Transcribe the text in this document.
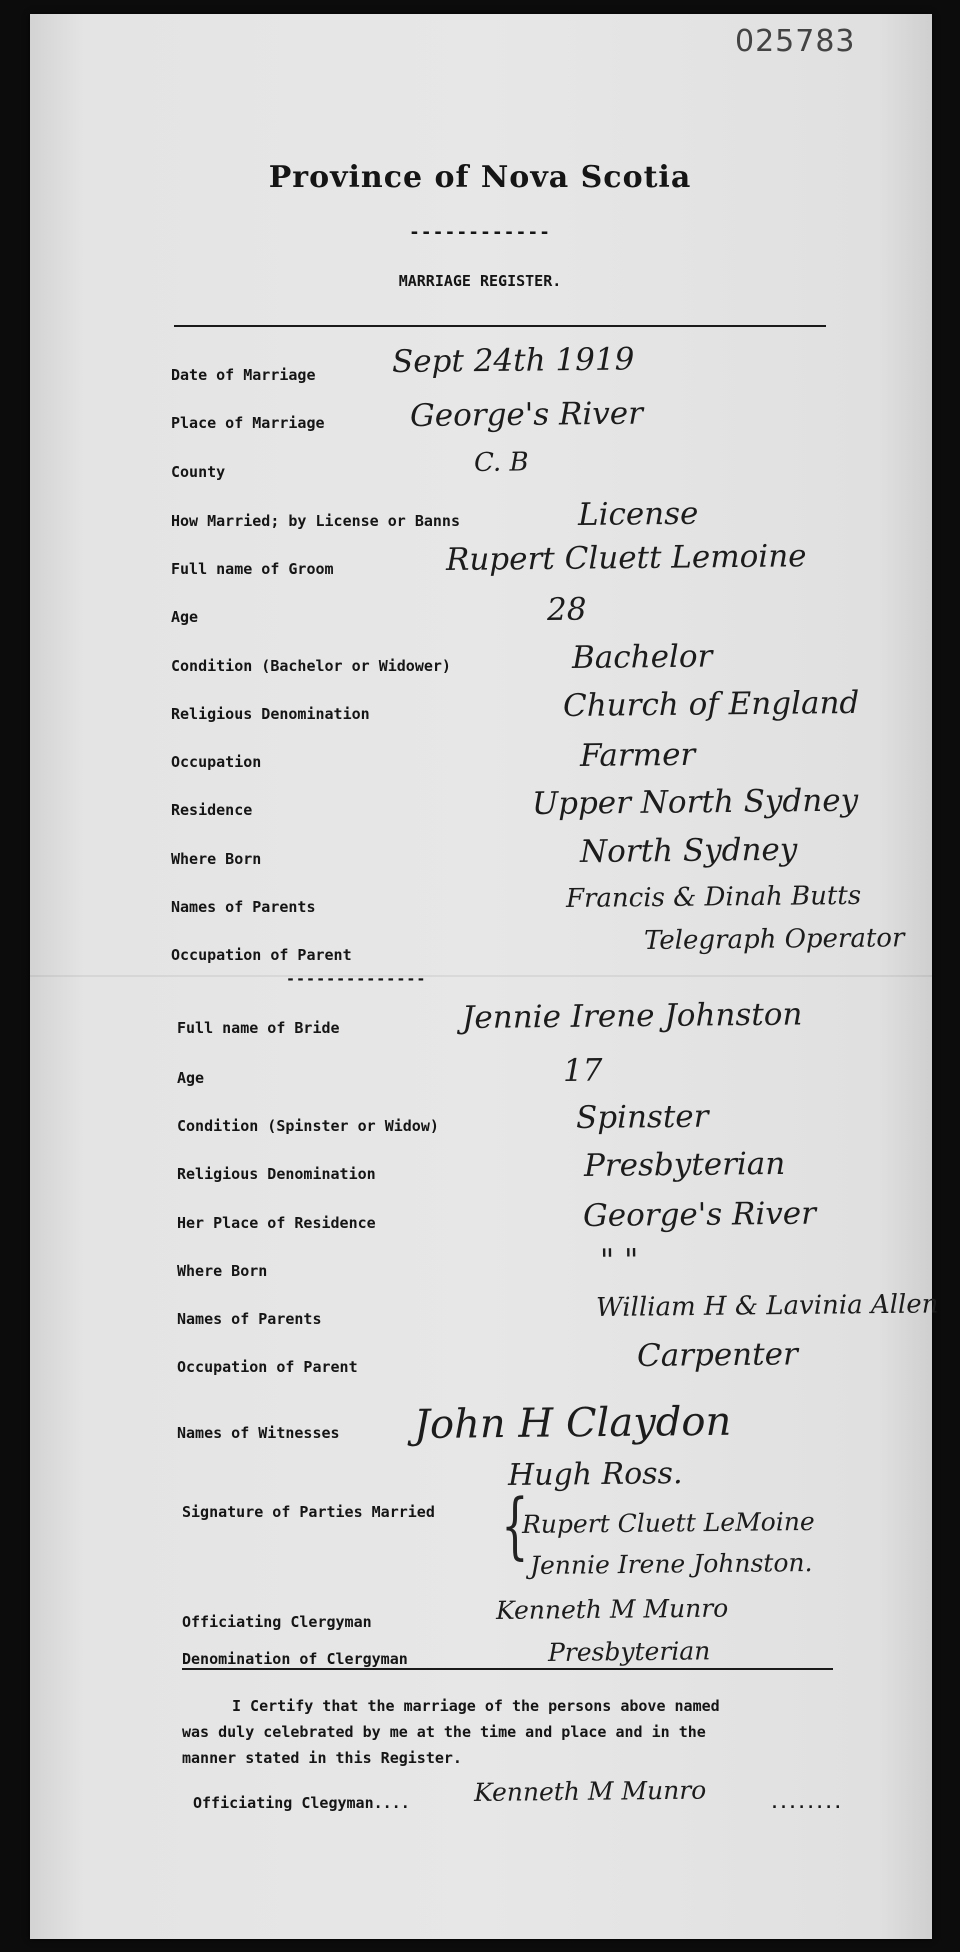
025783
Province of Nova Scotia
------------
MARRIAGE REGISTER.
Date of Marriage Sept 24th 1919
Place of Marriage	George's River
County	C. B
How Married; by License or Banns	License
Full name of Groom	Rupert Cluett Lemoine
Age	28
Condition (Bachelor or Widower)	Bachelor
Religious Denomination	Church of England
Occupation	Farmer
Residence	Upper North Sydney
Where Born	North Sydney
Names of Parents	Francis & Dinah Butts
Occupation of Parent	Telegraph Operator
--------------
Full name of Bride	Jennie Irene Johnston
Age	17
Condition (Spinster or Widow)	Spinster
Religious Denomination	Presbyterian
Her Place of Residence	George's River
Where Born	" "
Names of Parents	William H & Lavinia Allen
Occupation of Parent	Carpenter
Names of Witnesses John H Claydon
Hugh Ross.
Signature of Parties Married {
Rupert Cluett LeMoine
Jennie Irene Johnston.
Officiating Clergyman	Kenneth M Munro
Denomination of Clergyman	Presbyterian
I Certify that the marriage of the persons above named
was duly celebrated by me at the time and place and in the
manner stated in this Register.
Officiating Clegyman....	Kenneth M Munro	........
